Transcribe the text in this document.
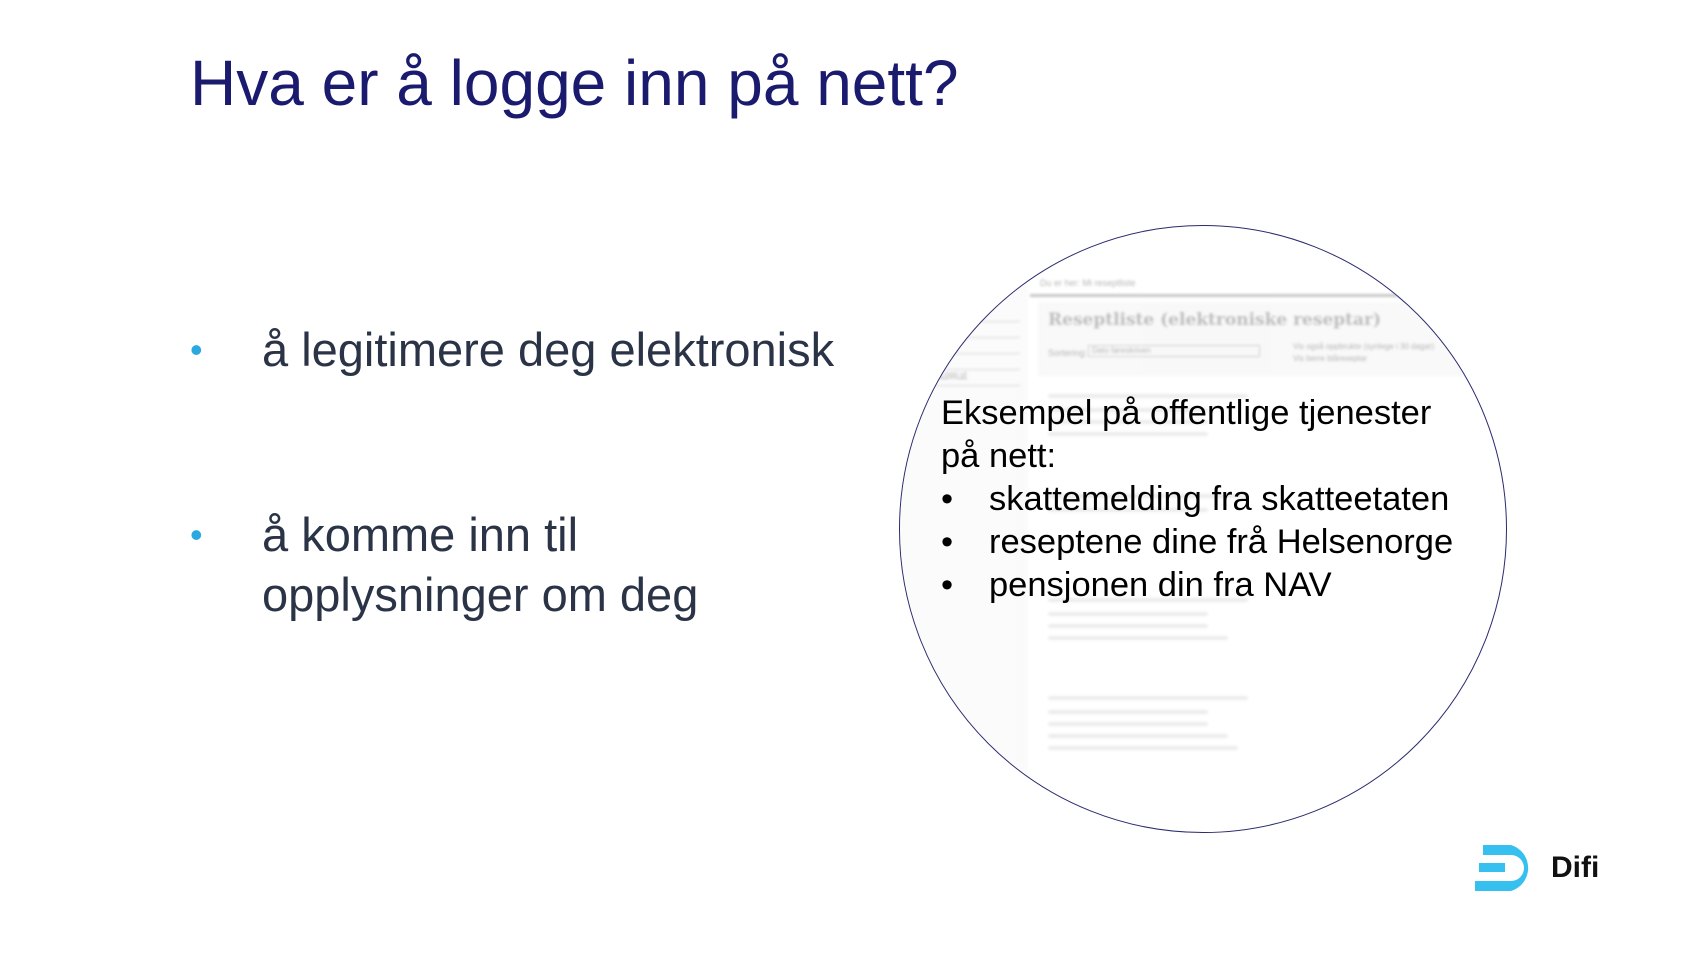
Hva er å logge inn på nett?
• å legitimere deg elektronisk
• å komme inn til
opplysninger om deg
Logg ut
Du er her: Mi reseptliste
Reseptliste (elektroniske reseptar)
Sortering: Dato føreskriven	Vis også oppbrukte (synlege i 30 dagar)
Vis berre blåreseptar
Eksempel på offentlige tjenester
på nett:
• skattemelding fra skatteetaten
• reseptene dine frå Helsenorge
• pensjonen din fra NAV
Difi
